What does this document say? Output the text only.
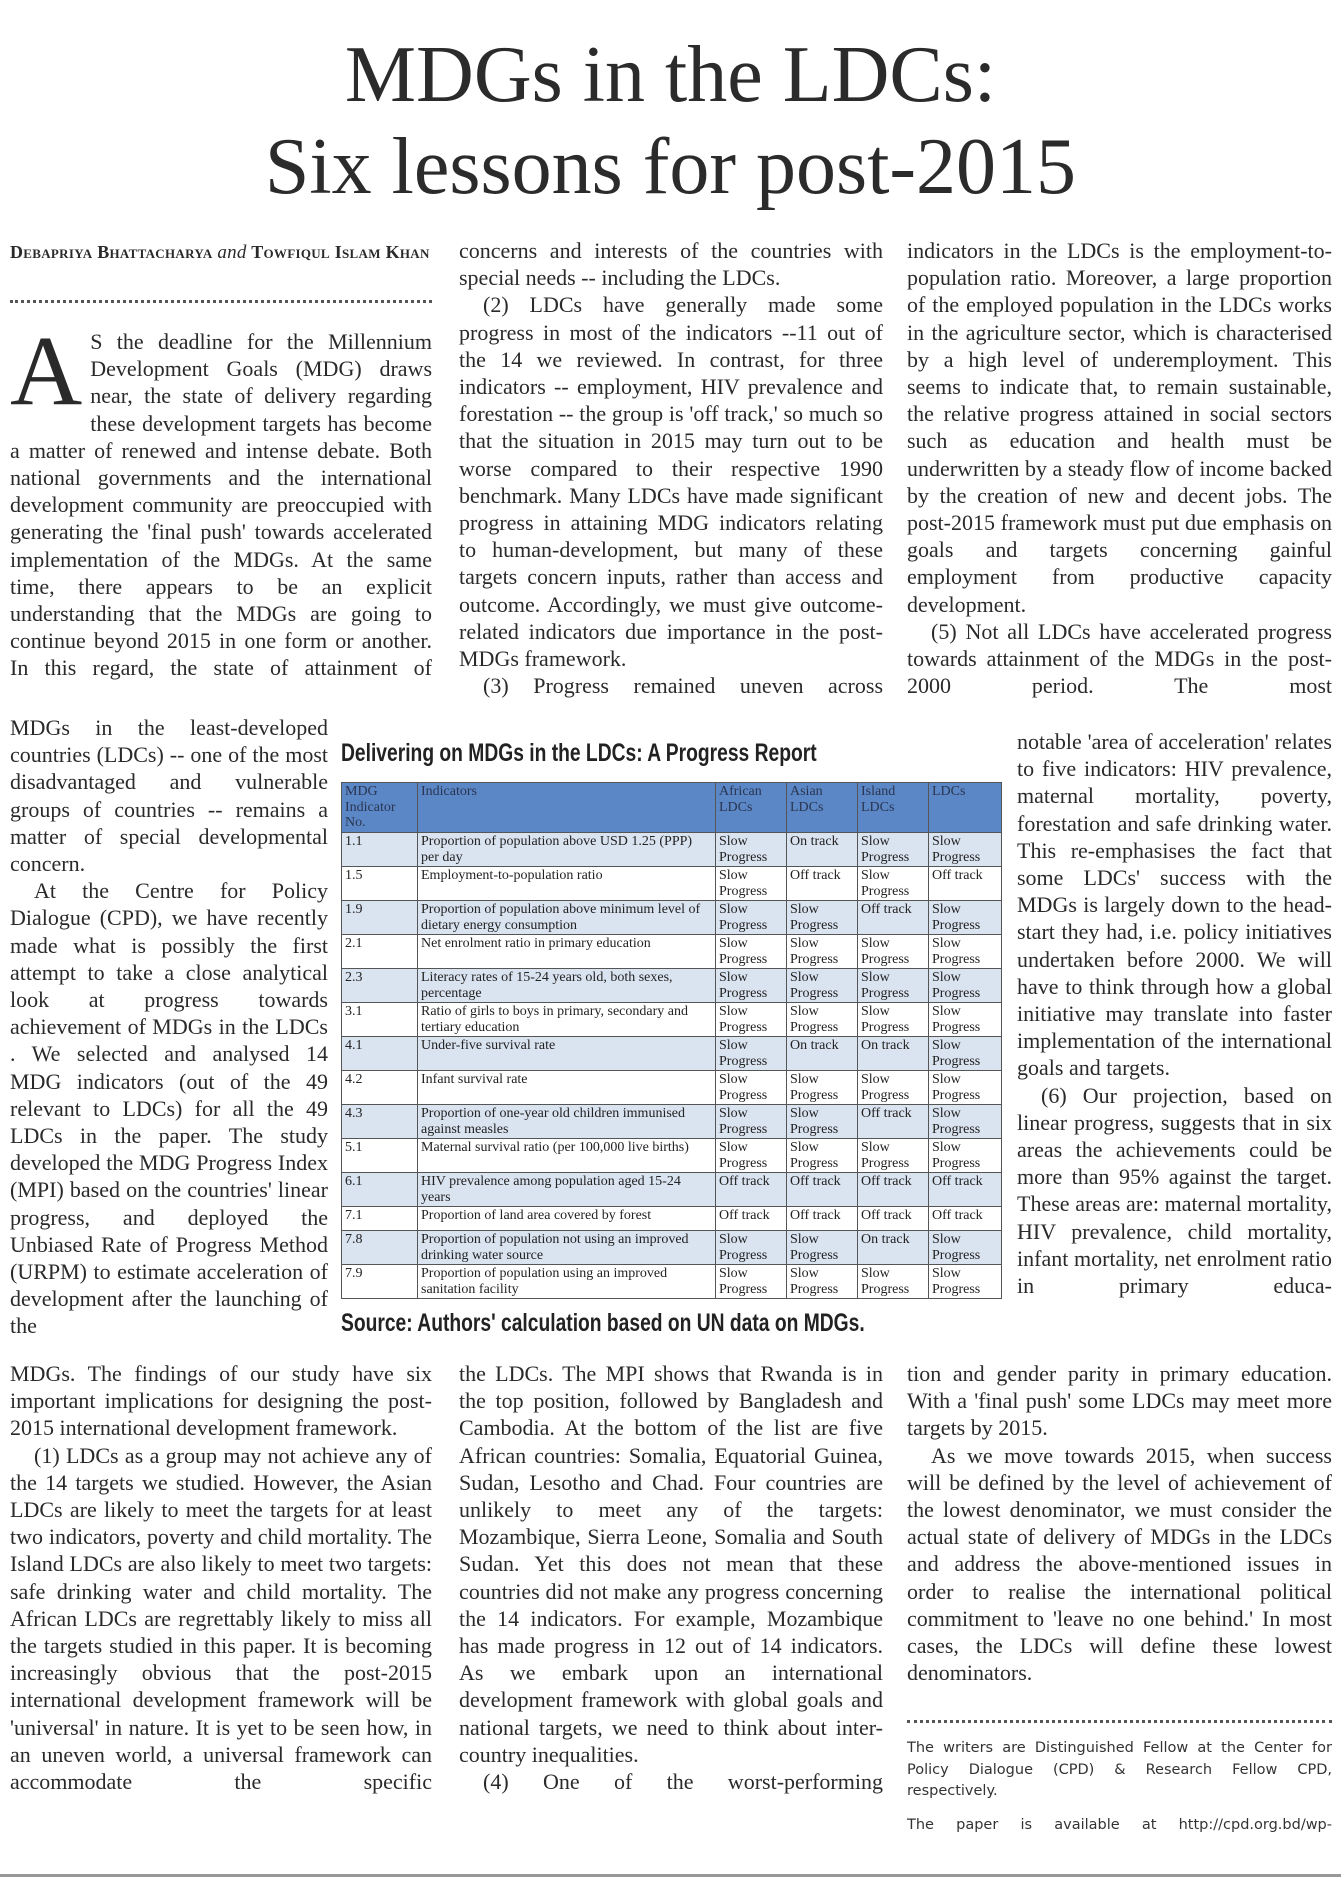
MDGs in the LDCs:
Six lessons for post-2015
Debapriya Bhattacharya and Towfiqul Islam Khan

A S the deadline for the Millennium Development Goals (MDG) draws near, the state of delivery regarding these development targets has become a matter of renewed and intense debate. Both national governments and the international development community are preoccupied with generating the 'final push' towards accelerated implementation of the MDGs. At the same time, there appears to be an explicit understanding that the MDGs are going to continue beyond 2015 in one form or another. In this regard, the state of attainment of

MDGs in the least-developed countries (LDCs) -- one of the most disadvantaged and vulnerable groups of countries -- remains a matter of special developmental concern.

At the Centre for Policy Dialogue (CPD), we have recently made what is possibly the first attempt to take a close analytical look at progress towards achievement of MDGs in the LDCs . We selected and analysed 14 MDG indicators (out of the 49 relevant to LDCs) for all the 49 LDCs in the paper. The study developed the MDG Progress Index (MPI) based on the countries' linear progress, and deployed the Unbiased Rate of Progress Method (URPM) to estimate acceleration of development after the launching of the

MDGs. The findings of our study have six important implications for designing the post-2015 international development framework.

(1) LDCs as a group may not achieve any of the 14 targets we studied. However, the Asian LDCs are likely to meet the targets for at least two indicators, poverty and child mortality. The Island LDCs are also likely to meet two targets: safe drinking water and child mortality. The African LDCs are regrettably likely to miss all the targets studied in this paper. It is becoming increasingly obvious that the post-2015 international development framework will be 'universal' in nature. It is yet to be seen how, in an uneven world, a universal framework can accommodate the specific

concerns and interests of the countries with special needs -- including the LDCs.

(2) LDCs have generally made some progress in most of the indicators --11 out of the 14 we reviewed. In contrast, for three indicators -- employment, HIV prevalence and forestation -- the group is 'off track,' so much so that the situation in 2015 may turn out to be worse compared to their respective 1990 benchmark. Many LDCs have made significant progress in attaining MDG indicators relating to human-development, but many of these targets concern inputs, rather than access and outcome. Accordingly, we must give outcome-related indicators due importance in the post-MDGs framework.

(3) Progress remained uneven across

the LDCs. The MPI shows that Rwanda is in the top position, followed by Bangladesh and Cambodia. At the bottom of the list are five African countries: Somalia, Equatorial Guinea, Sudan, Lesotho and Chad. Four countries are unlikely to meet any of the targets: Mozambique, Sierra Leone, Somalia and South Sudan. Yet this does not mean that these countries did not make any progress concerning the 14 indicators. For example, Mozambique has made progress in 12 out of 14 indicators. As we embark upon an international development framework with global goals and national targets, we need to think about inter-country inequalities.

(4) One of the worst-performing

indicators in the LDCs is the employment-to-population ratio. Moreover, a large proportion of the employed population in the LDCs works in the agriculture sector, which is characterised by a high level of underemployment. This seems to indicate that, to remain sustainable, the relative progress attained in social sectors such as education and health must be underwritten by a steady flow of income backed by the creation of new and decent jobs. The post-2015 framework must put due emphasis on goals and targets concerning gainful employment from productive capacity development.

(5) Not all LDCs have accelerated progress towards attainment of the MDGs in the post-2000 period. The most

notable 'area of acceleration' relates to five indicators: HIV prevalence, maternal mortality, poverty, forestation and safe drinking water. This re-emphasises the fact that some LDCs' success with the MDGs is largely down to the head-start they had, i.e. policy initiatives undertaken before 2000. We will have to think through how a global initiative may translate into faster implementation of the international goals and targets.

(6) Our projection, based on linear progress, suggests that in six areas the achievements could be more than 95% against the target. These areas are: maternal mortality, HIV prevalence, child mortality, infant mortality, net enrolment ratio in primary educa-

tion and gender parity in primary education. With a 'final push' some LDCs may meet more targets by 2015.

As we move towards 2015, when success will be defined by the level of achievement of the lowest denominator, we must consider the actual state of delivery of MDGs in the LDCs and address the above-mentioned issues in order to realise the international political commitment to 'leave no one behind.' In most cases, the LDCs will define these lowest denominators.

Delivering on MDGs in the LDCs: A Progress Report
MDG Indicator No.	Indicators	African LDCs	Asian LDCs	Island LDCs	LDCs
1.1	Proportion of population above USD 1.25 (PPP) per day	Slow Progress	On track	Slow Progress	Slow Progress
1.5	Employment-to-population ratio	Slow Progress	Off track	Slow Progress	Off track
1.9	Proportion of population above minimum level of dietary energy consumption	Slow Progress	Slow Progress	Off track	Slow Progress
2.1	Net enrolment ratio in primary education	Slow Progress	Slow Progress	Slow Progress	Slow Progress
2.3	Literacy rates of 15-24 years old, both sexes, percentage	Slow Progress	Slow Progress	Slow Progress	Slow Progress
3.1	Ratio of girls to boys in primary, secondary and tertiary education	Slow Progress	Slow Progress	Slow Progress	Slow Progress
4.1	Under-five survival rate	Slow Progress	On track	On track	Slow Progress
4.2	Infant survival rate	Slow Progress	Slow Progress	Slow Progress	Slow Progress
4.3	Proportion of one-year old children immunised against measles	Slow Progress	Slow Progress	Off track	Slow Progress
5.1	Maternal survival ratio (per 100,000 live births)	Slow Progress	Slow Progress	Slow Progress	Slow Progress
6.1	HIV prevalence among population aged 15-24 years	Off track	Off track	Off track	Off track
7.1	Proportion of land area covered by forest	Off track	Off track	Off track	Off track
7.8	Proportion of population not using an improved drinking water source	Slow Progress	Slow Progress	On track	Slow Progress
7.9	Proportion of population using an improved sanitation facility	Slow Progress	Slow Progress	Slow Progress	Slow Progress
Source: Authors' calculation based on UN data on MDGs.
The writers are Distinguished Fellow at the Center for Policy Dialogue (CPD) & Research Fellow CPD, respectively.
The paper is available at http://cpd.org.bd/wp-
